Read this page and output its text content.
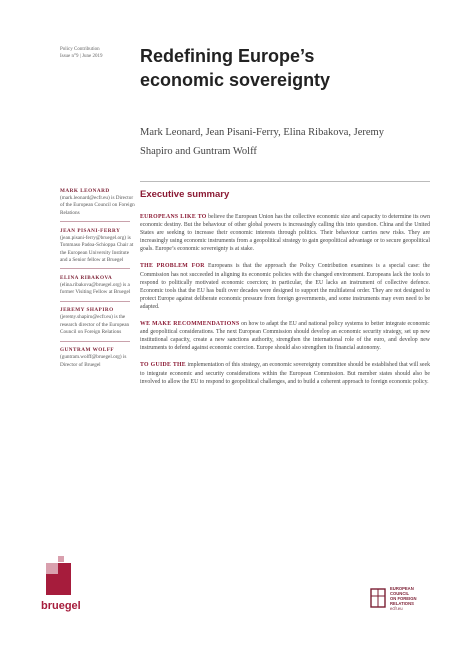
Policy Contribution
Issue n°9 | June 2019	Redefining Europe’s
economic sovereignty
Mark Leonard, Jean Pisani-Ferry, Elina Ribakova, Jeremy
Shapiro and Guntram Wolff
MARK LEONARD
(mark.leonard@ecfr.eu) is Director of the European Council on Foreign Relations
JEAN PISANI-FERRY
(jean.pisani-ferry@bruegel.org) is Tommaso Padoa-Schioppa Chair at the European University Institute and a Senior fellow at Bruegel
ELINA RIBAKOVA
(elina.ribakova@bruegel.org) is a former Visiting Fellow at Bruegel
JEREMY SHAPIRO
(jeremy.shapiro@ecfr.eu) is the research director of the European Council on Foreign Relations
GUNTRAM WOLFF
(guntram.wolff@bruegel.org) is Director of Bruegel
Executive summary

EUROPEANS LIKE TO believe the European Union has the collective economic size and capacity to determine its own economic destiny. But the behaviour of other global powers is increasingly calling this into question. China and the United States are seeking to increase their economic interests through politics. Their behaviour carries new risks. They are increasingly using economic instruments from a geopolitical strategy to gain geopolitical advantage or to secure geopolitical goals. Europe’s economic sovereignty is at stake.

THE PROBLEM FOR Europeans is that the approach the Policy Contribution examines is a special case: the Commission has not succeeded in aligning its economic policies with the changed environment. Europeans lack the tools to respond to politically motivated economic coercion; in particular, the EU lacks an instrument of collective defence. Economic tools that the EU has built over decades were designed to support the multilateral order. They are not designed to protect Europe against deliberate economic pressure from foreign governments, and some instruments may even need to be adapted.

WE MAKE RECOMMENDATIONS on how to adapt the EU and national policy systems to better integrate economic and geopolitical considerations. The next European Commission should develop an economic security strategy, set up new institutional capacity, create a new sanctions authority, strengthen the international role of the euro, and develop new instruments to defend against economic coercion. Europe should also strengthen its financial autonomy.

TO GUIDE THE implementation of this strategy, an economic sovereignty committee should be established that will seek to integrate economic and security considerations within the European Commission. But member states should also be involved to allow the EU to respond to geopolitical challenges, and to build a coherent approach to foreign economic policy.

bruegel
EUROPEAN
COUNCIL
ON FOREIGN
RELATIONS
ecfr.eu
